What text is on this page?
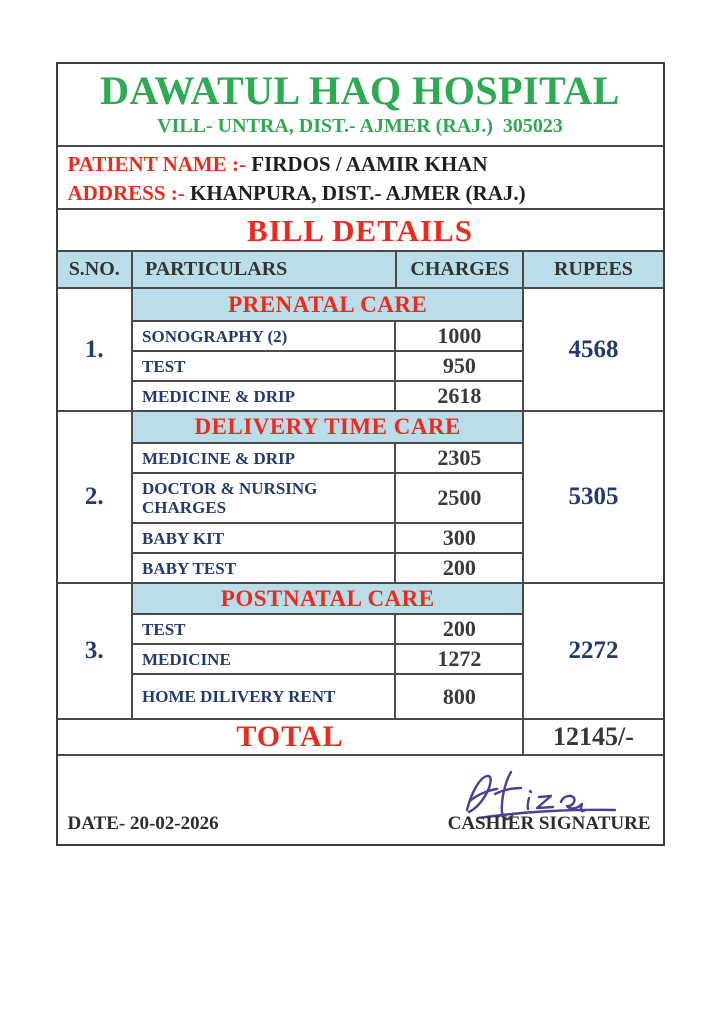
DAWATUL HAQ HOSPITAL
VILL- UNTRA, DIST.- AJMER (RAJ.)  305023
PATIENT NAME :- FIRDOS / AAMIR KHAN
ADDRESS :- KHANPURA, DIST.- AJMER (RAJ.)
BILL DETAILS
S.NO.	PARTICULARS	CHARGES	RUPEES
1.
PRENATAL CARE
SONOGRAPHY (2)	1000
TEST	950
MEDICINE & DRIP	2618
4568
2.
DELIVERY TIME CARE
MEDICINE & DRIP	2305
DOCTOR & NURSING CHARGES	2500
BABY KIT	300
BABY TEST	200
5305
3.
POSTNATAL CARE
TEST	200
MEDICINE	1272
HOME DILIVERY RENT	800
2272
TOTAL	12145/-
DATE- 20-02-2026	CASHIER SIGNATURE
